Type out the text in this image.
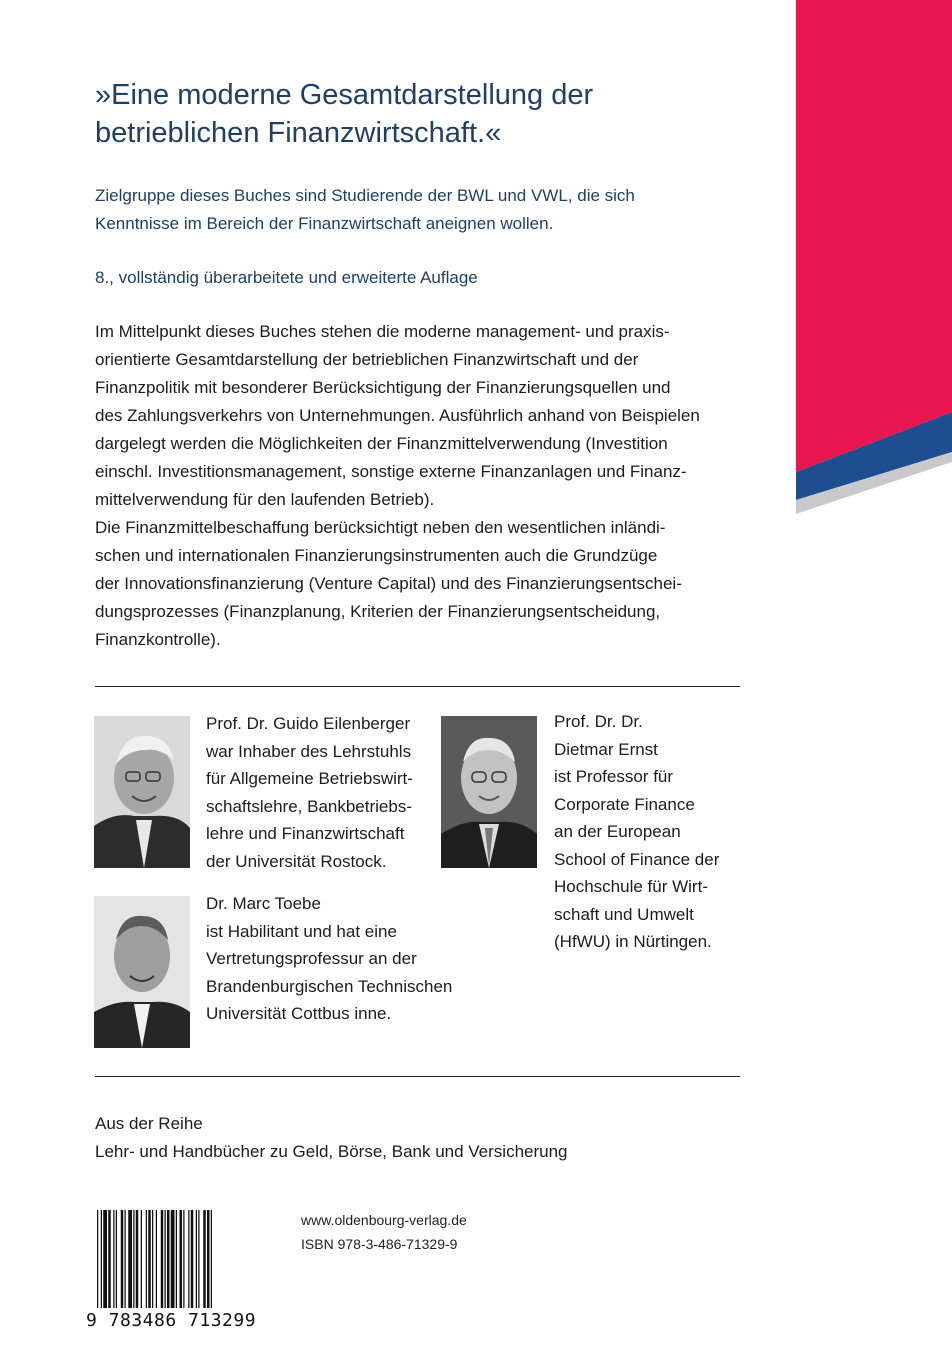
»Eine moderne Gesamtdarstellung der
betrieblichen Finanzwirtschaft.«

Zielgruppe dieses Buches sind Studierende der BWL und VWL, die sich
Kenntnisse im Bereich der Finanzwirtschaft aneignen wollen.

8., vollständig überarbeitete und erweiterte Auflage

Im Mittelpunkt dieses Buches stehen die moderne management- und praxis-
orientierte Gesamtdarstellung der betrieblichen Finanzwirtschaft und der
Finanzpolitik mit besonderer Berücksichtigung der Finanzierungsquellen und
des Zahlungsverkehrs von Unternehmungen. Ausführlich anhand von Beispielen
dargelegt werden die Möglichkeiten der Finanzmittelverwendung (Investition
einschl. Investitionsmanagement, sonstige externe Finanzanlagen und Finanz-
mittelverwendung für den laufenden Betrieb).
Die Finanzmittelbeschaffung berücksichtigt neben den wesentlichen inländi-
schen und internationalen Finanzierungsinstrumenten auch die Grundzüge
der Innovationsfinanzierung (Venture Capital) und des Finanzierungsentschei-
dungsprozesses (Finanzplanung, Kriterien der Finanzierungsentscheidung,
Finanzkontrolle).

Prof. Dr. Guido Eilenberger
war Inhaber des Lehrstuhls
für Allgemeine Betriebswirt-
schaftslehre, Bankbetriebs-
lehre und Finanzwirtschaft
der Universität Rostock.

Prof. Dr. Dr.
Dietmar Ernst
ist Professor für
Corporate Finance
an der European
School of Finance der
Hochschule für Wirt-
schaft und Umwelt
(HfWU) in Nürtingen.

Dr. Marc Toebe
ist Habilitant und hat eine
Vertretungsprofessur an der
Brandenburgischen Technischen
Universität Cottbus inne.

Aus der Reihe
Lehr- und Handbücher zu Geld, Börse, Bank und Versicherung

9 783486 713299
www.oldenbourg-verlag.de
ISBN 978-3-486-71329-9
